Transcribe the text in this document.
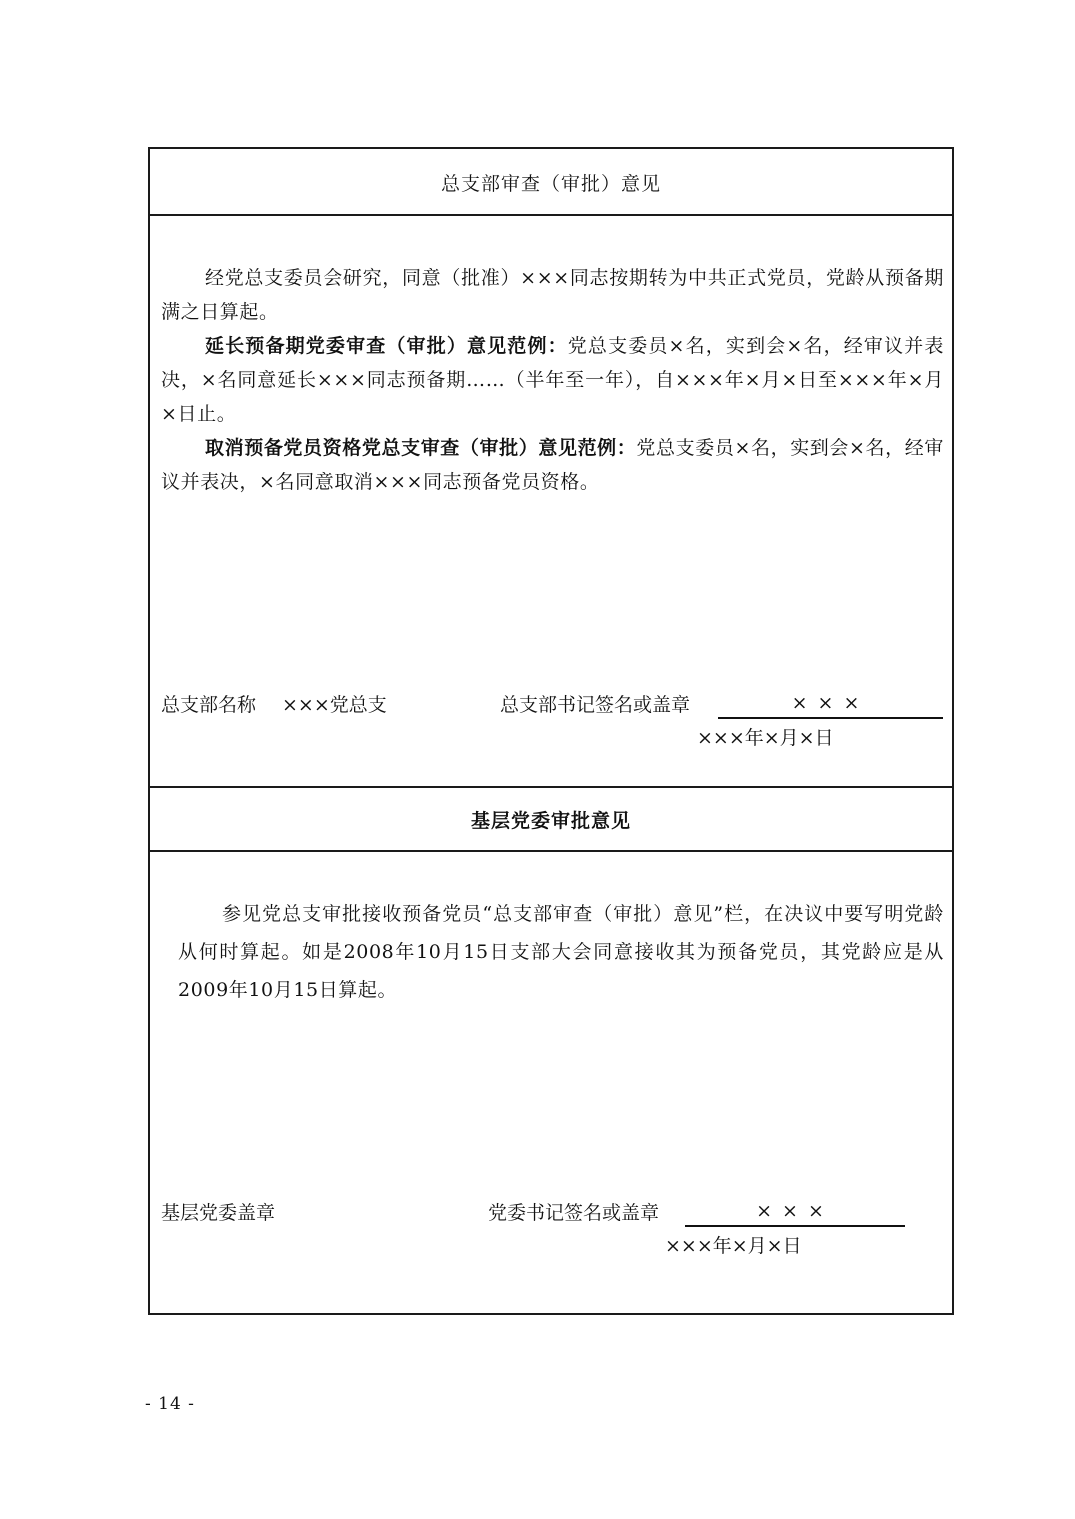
总支部审查（审批）意见
经党总支委员会研究，同意（批准）×××同志按期转为中共正式党员，党龄从预备期满之日算起。
延长预备期党委审查（审批）意见范例：党总支委员×名，实到会×名，经审议并表决，×名同意延长×××同志预备期……（半年至一年），自×××年×月×日至×××年×月×日止。
取消预备党员资格党总支审查（审批）意见范例：党总支委员×名，实到会×名，经审议并表决，×名同意取消×××同志预备党员资格。
总支部名称 ×××党总支	总支部书记签名或盖章	×××
×××年×月×日
基层党委审批意见
参见党总支审批接收预备党员“总支部审查（审批）意见”栏，在决议中要写明党龄从何时算起。如是2008年10月15日支部大会同意接收其为预备党员，其党龄应是从2009年10月15日算起。
基层党委盖章	党委书记签名或盖章	×××
×××年×月×日
- 14 -
